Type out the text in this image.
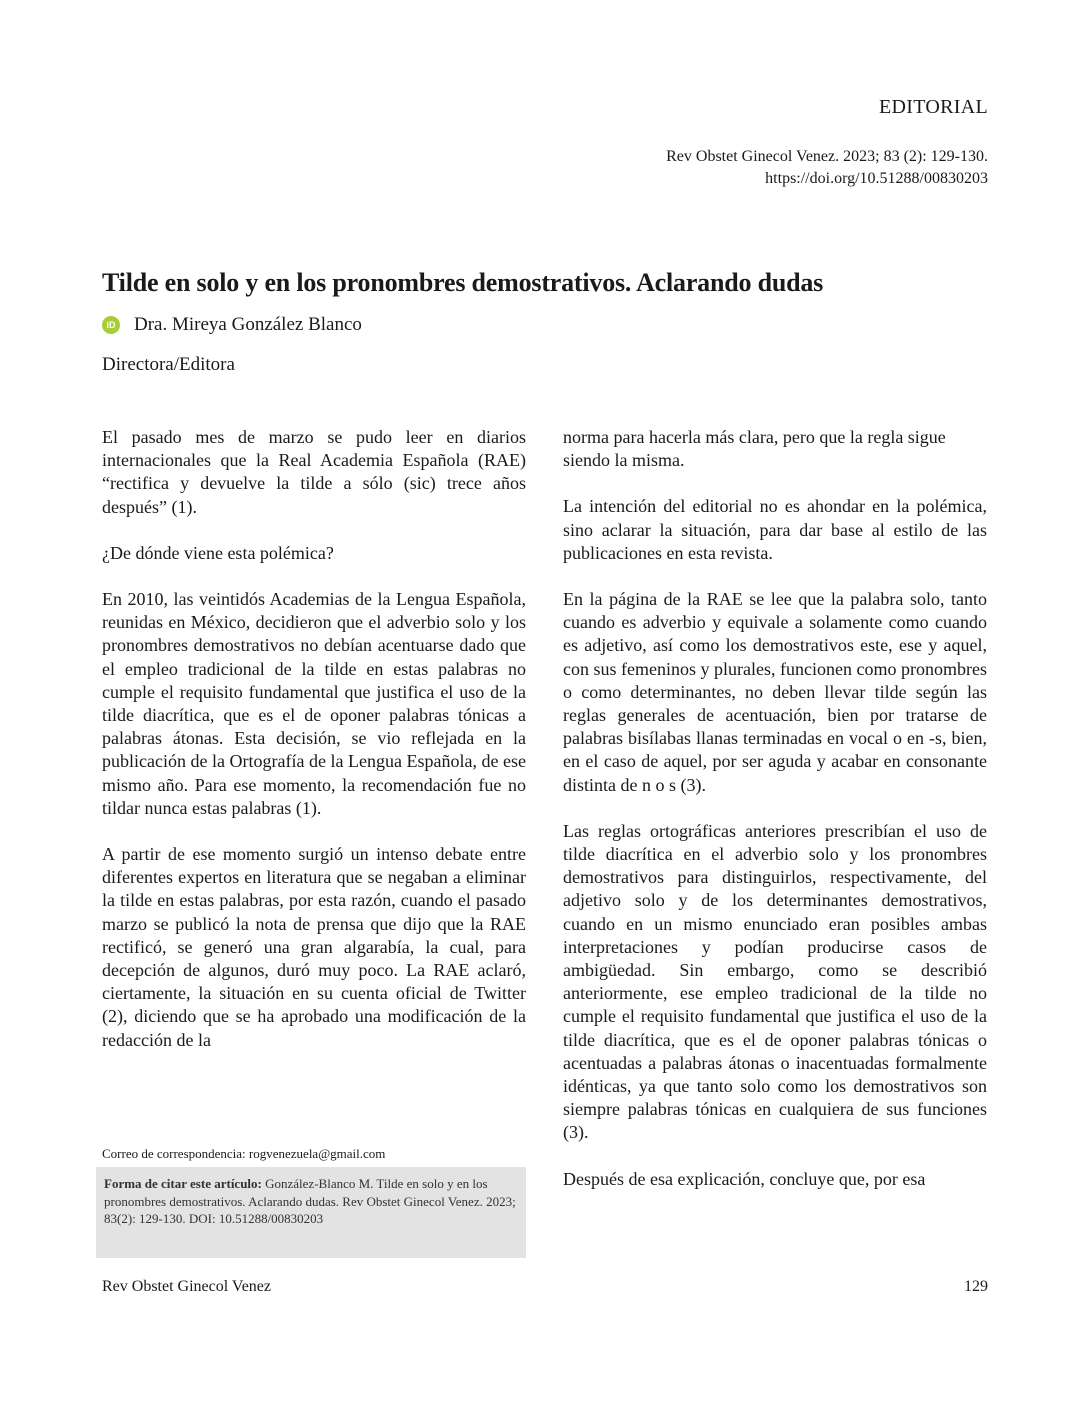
EDITORIAL
Rev Obstet Ginecol Venez. 2023; 83 (2): 129-130.
https://doi.org/10.51288/00830203
Tilde en solo y en los pronombres demostrativos. Aclarando dudas
iD Dra. Mireya González Blanco
Directora/Editora

El pasado mes de marzo se pudo leer en diarios internacionales que la Real Academia Española (RAE) “rectifica y devuelve la tilde a sólo (sic) trece años después” (1).

¿De dónde viene esta polémica?

En 2010, las veintidós Academias de la Lengua Española, reunidas en México, decidieron que el adverbio solo y los pronombres demostrativos no debían acentuarse dado que el empleo tradicional de la tilde en estas palabras no cumple el requisito fundamental que justifica el uso de la tilde diacrítica, que es el de oponer palabras tónicas a palabras átonas. Esta decisión, se vio reflejada en la publicación de la Ortografía de la Lengua Española, de ese mismo año. Para ese momento, la recomendación fue no tildar nunca estas palabras (1).

A partir de ese momento surgió un intenso debate entre diferentes expertos en literatura que se negaban a eliminar la tilde en estas palabras, por esta razón, cuando el pasado marzo se publicó la nota de prensa que dijo que la RAE rectificó, se generó una gran algarabía, la cual, para decepción de algunos, duró muy poco. La RAE aclaró, ciertamente, la situación en su cuenta oficial de Twitter (2), diciendo que se ha aprobado una modificación de la redacción de la

norma para hacerla más clara, pero que la regla sigue siendo la misma.

La intención del editorial no es ahondar en la polémica, sino aclarar la situación, para dar base al estilo de las publicaciones en esta revista.

En la página de la RAE se lee que la palabra solo, tanto cuando es adverbio y equivale a solamente como cuando es adjetivo, así como los demostrativos este, ese y aquel, con sus femeninos y plurales, funcionen como pronombres o como determinantes, no deben llevar tilde según las reglas generales de acentuación, bien por tratarse de palabras bisílabas llanas terminadas en vocal o en -s, bien, en el caso de aquel, por ser aguda y acabar en consonante distinta de n o s (3).

Las reglas ortográficas anteriores prescribían el uso de tilde diacrítica en el adverbio solo y los pronombres demostrativos para distinguirlos, respectivamente, del adjetivo solo y de los determinantes demostrativos, cuando en un mismo enunciado eran posibles ambas interpretaciones y podían producirse casos de ambigüedad. Sin embargo, como se describió anteriormente, ese empleo tradicional de la tilde no cumple el requisito fundamental que justifica el uso de la tilde diacrítica, que es el de oponer palabras tónicas o acentuadas a palabras átonas o inacentuadas formalmente idénticas, ya que tanto solo como los demostrativos son siempre palabras tónicas en cualquiera de sus funciones (3).

Después de esa explicación, concluye que, por esa

Correo de correspondencia: rogvenezuela@gmail.com
Forma de citar este artículo: González-Blanco M. Tilde en solo y en los pronombres demostrativos. Aclarando dudas. Rev Obstet Ginecol Venez. 2023; 83(2): 129-130. DOI: 10.51288/00830203
Rev Obstet Ginecol Venez	129
